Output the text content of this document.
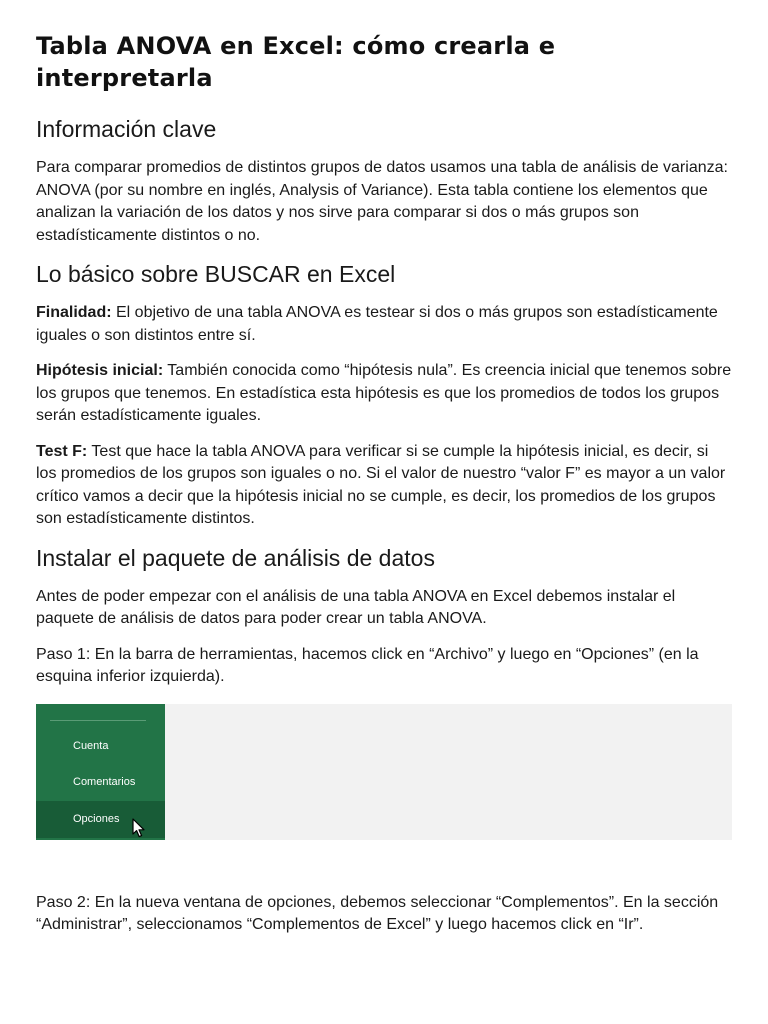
Tabla ANOVA en Excel: cómo crearla e interpretarla
Información clave

Para comparar promedios de distintos grupos de datos usamos una tabla de análisis de varianza: ANOVA (por su nombre en inglés, Analysis of Variance). Esta tabla contiene los elementos que analizan la variación de los datos y nos sirve para comparar si dos o más grupos son estadísticamente distintos o no.

Lo básico sobre BUSCAR en Excel

Finalidad: El objetivo de una tabla ANOVA es testear si dos o más grupos son estadísticamente iguales o son distintos entre sí.

Hipótesis inicial: También conocida como “hipótesis nula”. Es creencia inicial que tenemos sobre los grupos que tenemos. En estadística esta hipótesis es que los promedios de todos los grupos serán estadísticamente iguales.

Test F: Test que hace la tabla ANOVA para verificar si se cumple la hipótesis inicial, es decir, si los promedios de los grupos son iguales o no. Si el valor de nuestro “valor F” es mayor a un valor crítico vamos a decir que la hipótesis inicial no se cumple, es decir, los promedios de los grupos son estadísticamente distintos.

Instalar el paquete de análisis de datos

Antes de poder empezar con el análisis de una tabla ANOVA en Excel debemos instalar el paquete de análisis de datos para poder crear un tabla ANOVA.

Paso 1: En la barra de herramientas, hacemos click en “Archivo” y luego en “Opciones” (en la esquina inferior izquierda).

Cuenta
Comentarios
Opciones

Paso 2: En la nueva ventana de opciones, debemos seleccionar “Complementos”. En la sección “Administrar”, seleccionamos “Complementos de Excel” y luego hacemos click en “Ir”.
